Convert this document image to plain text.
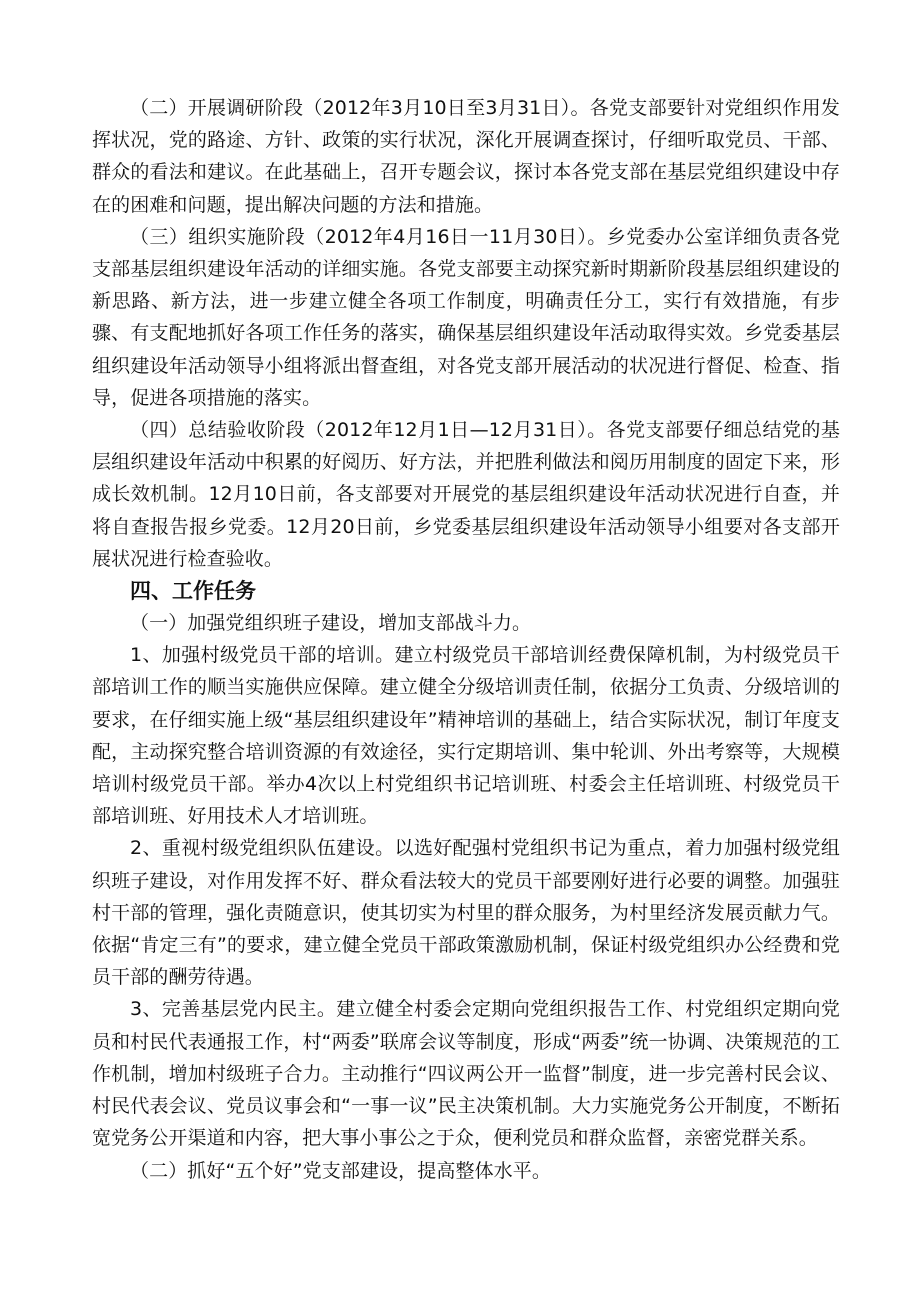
（二）开展调研阶段（2012年3月10日至3月31日）。各党支部要针对党组织作用发挥状况，党的路途、方针、政策的实行状况，深化开展调查探讨，仔细听取党员、干部、群众的看法和建议。在此基础上，召开专题会议，探讨本各党支部在基层党组织建设中存在的困难和问题，提出解决问题的方法和措施。

（三）组织实施阶段（2012年4月16日一11月30日）。乡党委办公室详细负责各党支部基层组织建设年活动的详细实施。各党支部要主动探究新时期新阶段基层组织建设的新思路、新方法，进一步建立健全各项工作制度，明确责任分工，实行有效措施，有步骤、有支配地抓好各项工作任务的落实，确保基层组织建设年活动取得实效。乡党委基层组织建设年活动领导小组将派出督查组，对各党支部开展活动的状况进行督促、检查、指导，促进各项措施的落实。

（四）总结验收阶段（2012年12月1日—12月31日）。各党支部要仔细总结党的基层组织建设年活动中积累的好阅历、好方法，并把胜利做法和阅历用制度的固定下来，形成长效机制。12月10日前，各支部要对开展党的基层组织建设年活动状况进行自查，并将自查报告报乡党委。12月20日前，乡党委基层组织建设年活动领导小组要对各支部开展状况进行检查验收。

四、工作任务

（一）加强党组织班子建设，增加支部战斗力。

1、加强村级党员干部的培训。建立村级党员干部培训经费保障机制，为村级党员干部培训工作的顺当实施供应保障。建立健全分级培训责任制，依据分工负责、分级培训的要求，在仔细实施上级“基层组织建设年”精神培训的基础上，结合实际状况，制订年度支配，主动探究整合培训资源的有效途径，实行定期培训、集中轮训、外出考察等，大规模培训村级党员干部。举办4次以上村党组织书记培训班、村委会主任培训班、村级党员干部培训班、好用技术人才培训班。

2、重视村级党组织队伍建设。以选好配强村党组织书记为重点，着力加强村级党组织班子建设，对作用发挥不好、群众看法较大的党员干部要刚好进行必要的调整。加强驻村干部的管理，强化责随意识，使其切实为村里的群众服务，为村里经济发展贡献力气。依据“肯定三有”的要求，建立健全党员干部政策激励机制，保证村级党组织办公经费和党员干部的酬劳待遇。

3、完善基层党内民主。建立健全村委会定期向党组织报告工作、村党组织定期向党员和村民代表通报工作，村“两委”联席会议等制度，形成“两委”统一协调、决策规范的工作机制，增加村级班子合力。主动推行“四议两公开一监督”制度，进一步完善村民会议、村民代表会议、党员议事会和“一事一议”民主决策机制。大力实施党务公开制度，不断拓宽党务公开渠道和内容，把大事小事公之于众，便利党员和群众监督，亲密党群关系。

（二）抓好“五个好”党支部建设，提高整体水平。
